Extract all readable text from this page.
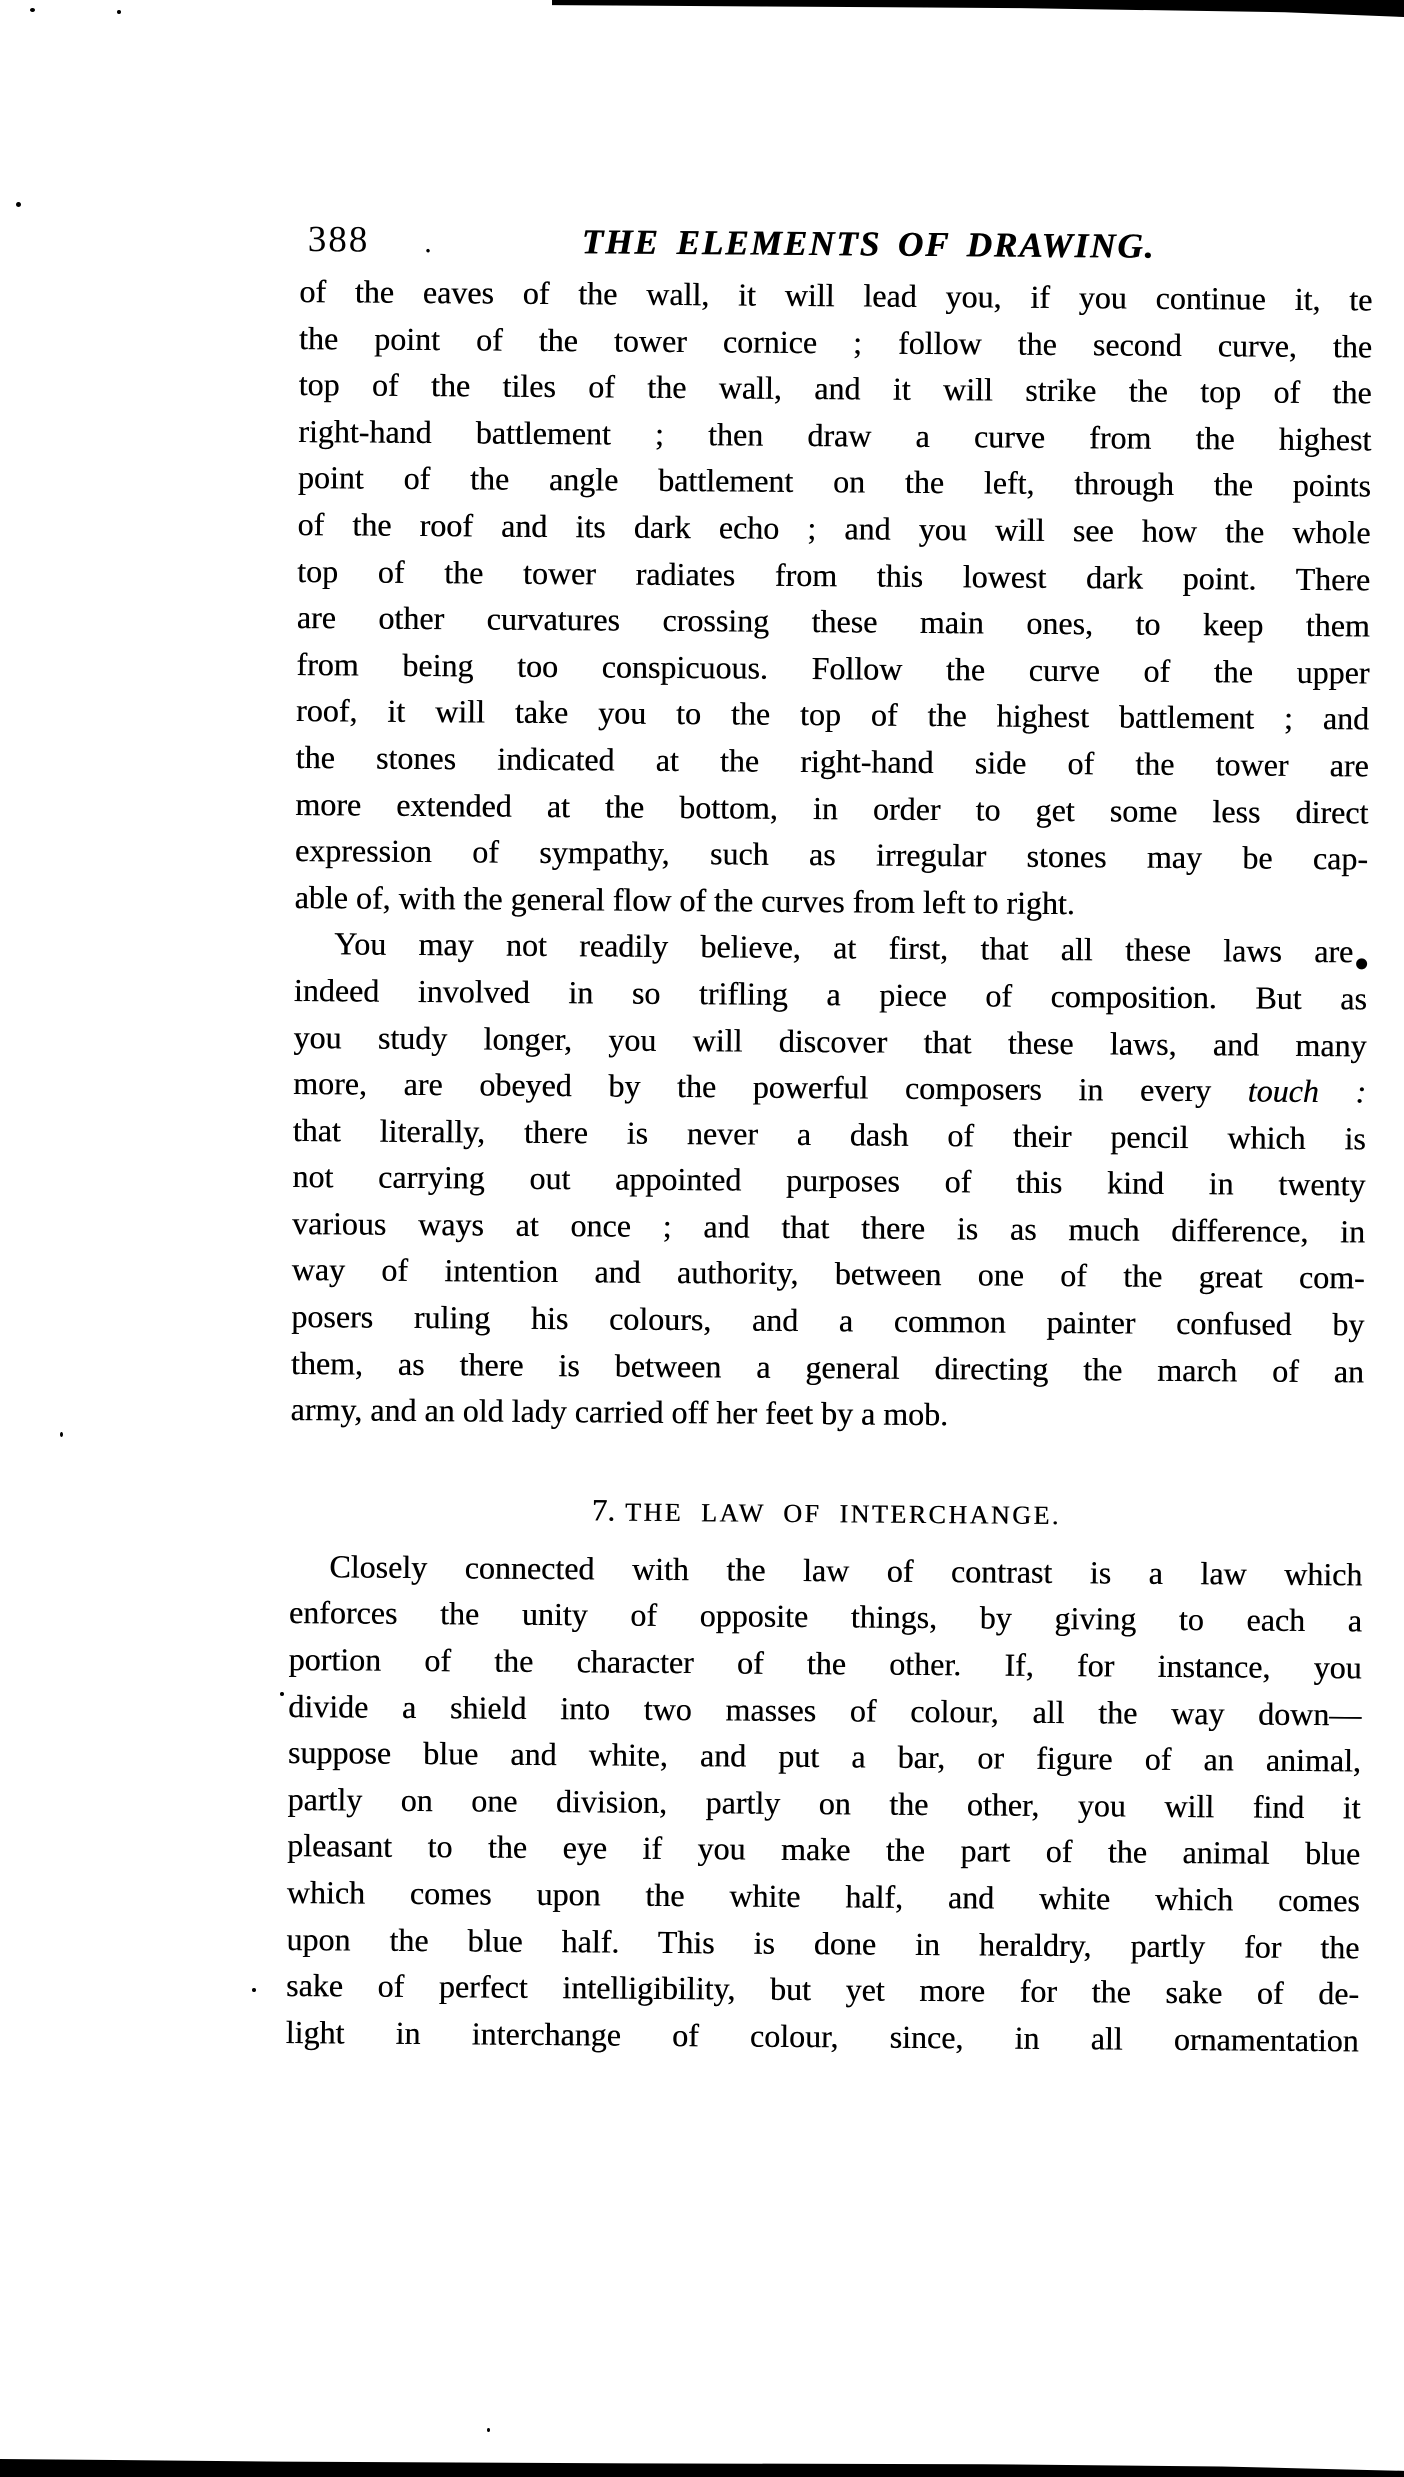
388 .	THE ELEMENTS OF DRAWING.
of the eaves of the wall, it will lead you, if you continue it, te
the point of the tower cornice ; follow the second curve, the
top of the tiles of the wall, and it will strike the top of the
right-hand battlement ; then draw a curve from the highest
point of the angle battlement on the left, through the points
of the roof and its dark echo ; and you will see how the whole
top of the tower radiates from this lowest dark point. There
are other curvatures crossing these main ones, to keep them
from being too conspicuous. Follow the curve of the upper
roof, it will take you to the top of the highest battlement ; and
the stones indicated at the right-hand side of the tower are
more extended at the bottom, in order to get some less direct
expression of sympathy, such as irregular stones may be cap-
able of, with the general flow of the curves from left to right.
You may not readily believe, at first, that all these laws are
indeed involved in so trifling a piece of composition. But as
you study longer, you will discover that these laws, and many
more, are obeyed by the powerful composers in every touch :
that literally, there is never a dash of their pencil which is
not carrying out appointed purposes of this kind in twenty
various ways at once ; and that there is as much difference, in
way of intention and authority, between one of the great com-
posers ruling his colours, and a common painter confused by
them, as there is between a general directing the march of an
army, and an old lady carried off her feet by a mob.
7. THE LAW OF INTERCHANGE.
Closely connected with the law of contrast is a law which
enforces the unity of opposite things, by giving to each a
portion of the character of the other. If, for instance, you
divide a shield into two masses of colour, all the way down—
suppose blue and white, and put a bar, or figure of an animal,
partly on one division, partly on the other, you will find it
pleasant to the eye if you make the part of the animal blue
which comes upon the white half, and white which comes
upon the blue half. This is done in heraldry, partly for the
sake of perfect intelligibility, but yet more for the sake of de-
light in interchange of colour, since, in all ornamentation
